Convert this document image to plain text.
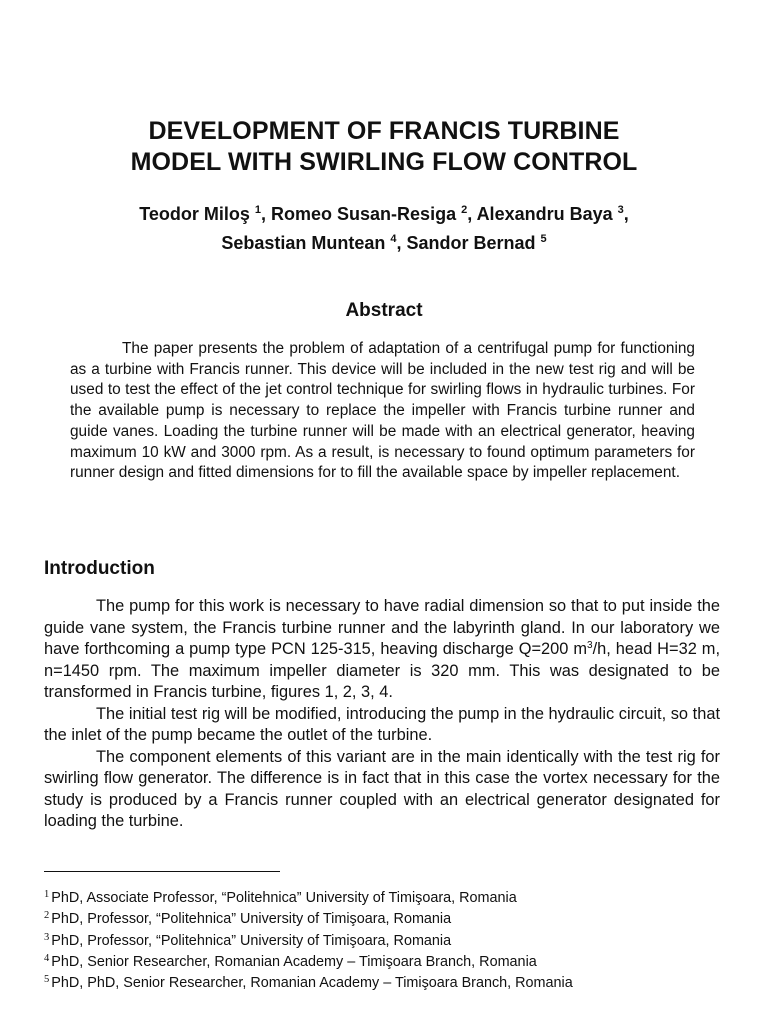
DEVELOPMENT OF FRANCIS TURBINE
MODEL WITH SWIRLING FLOW CONTROL
Teodor Miloş $^1$, Romeo Susan-Resiga $^2$, Alexandru Baya $^3$,
Sebastian Muntean $^4$, Sandor Bernad $^5$
Abstract

The paper presents the problem of adaptation of a centrifugal pump for functioning as a turbine with Francis runner. This device will be included in the new test rig and will be used to test the effect of the jet control technique for swirling flows in hydraulic turbines. For the available pump is necessary to replace the impeller with Francis turbine runner and guide vanes. Loading the turbine runner will be made with an electrical generator, heaving maximum 10 kW and 3000 rpm. As a result, is necessary to found optimum parameters for runner design and fitted dimensions for to fill the available space by impeller replacement.

Introduction

The pump for this work is necessary to have radial dimension so that to put inside the guide vane system, the Francis turbine runner and the labyrinth gland. In our laboratory we have forthcoming a pump type PCN 125-315, heaving discharge Q=200 $m^3/h$, head H=32 m, n=1450 rpm. The maximum impeller diameter is 320 mm. This was designated to be transformed in Francis turbine, figures 1, 2, 3, 4.

The initial test rig will be modified, introducing the pump in the hydraulic circuit, so that the inlet of the pump became the outlet of the turbine.

The component elements of this variant are in the main identically with the test rig for swirling flow generator. The difference is in fact that in this case the vortex necessary for the study is produced by a Francis runner coupled with an electrical generator designated for loading the turbine.

$^1$ PhD, Associate Professor, “Politehnica” University of Timişoara, Romania
$^2$ PhD, Professor, “Politehnica” University of Timişoara, Romania
$^3$ PhD, Professor, “Politehnica” University of Timişoara, Romania
$^4$ PhD, Senior Researcher, Romanian Academy – Timişoara Branch, Romania
$^5$ PhD, PhD, Senior Researcher, Romanian Academy – Timişoara Branch, Romania
